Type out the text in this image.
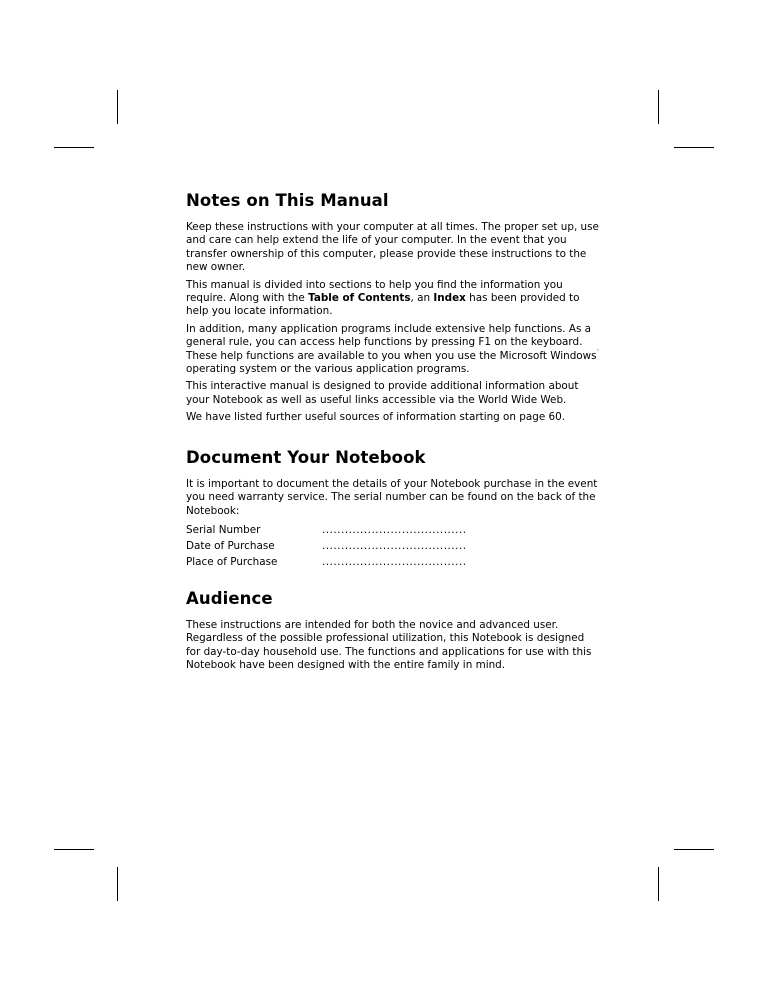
Notes on This Manual

Keep these instructions with your computer at all times. The proper set up, use and care can help extend the life of your computer. In the event that you transfer ownership of this computer, please provide these instructions to the new owner.

This manual is divided into sections to help you find the information you require. Along with the Table of Contents, an Index has been provided to help you locate information.

In addition, many application programs include extensive help functions. As a general rule, you can access help functions by pressing F1 on the keyboard. These help functions are available to you when you use the Microsoft Windows` operating system or the various application programs.

This interactive manual is designed to provide additional information about your Notebook as well as useful links accessible via the World Wide Web.

We have listed further useful sources of information starting on page 60.

Document Your Notebook

It is important to document the details of your Notebook purchase in the event you need warranty service. The serial number can be found on the back of the Notebook:

Serial Number	......................................
Date of Purchase	......................................
Place of Purchase	......................................
Audience

These instructions are intended for both the novice and advanced user. Regardless of the possible professional utilization, this Notebook is designed for day-to-day household use. The functions and applications for use with this Notebook have been designed with the entire family in mind.
